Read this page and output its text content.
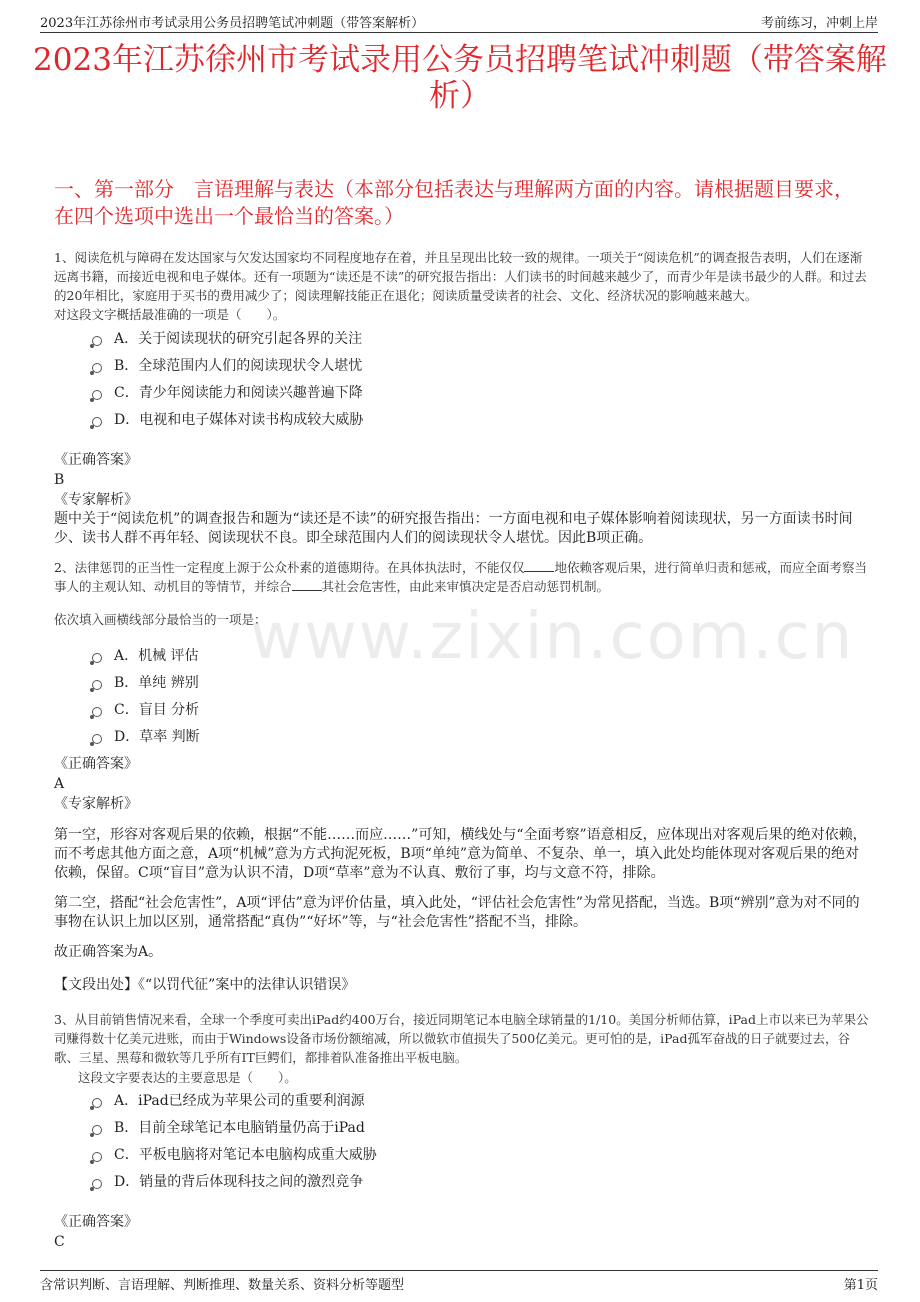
2023年江苏徐州市考试录用公务员招聘笔试冲刺题（带答案解析）	考前练习，冲刺上岸
2023年江苏徐州市考试录用公务员招聘笔试冲刺题（带答案解析）
一、第一部分　言语理解与表达（本部分包括表达与理解两方面的内容。请根据题目要求，在四个选项中选出一个最恰当的答案。）
www.zixin.com.cn
1、阅读危机与障碍在发达国家与欠发达国家均不同程度地存在着，并且呈现出比较一致的规律。一项关于“阅读危机”的调查报告表明，人们在逐渐远离书籍，而接近电视和电子媒体。还有一项题为“读还是不读”的研究报告指出：人们读书的时间越来越少了，而青少年是读书最少的人群。和过去的20年相比，家庭用于买书的费用减少了；阅读理解技能正在退化；阅读质量受读者的社会、文化、经济状况的影响越来越大。
对这段文字概括最准确的一项是（　　）。
A．关于阅读现状的研究引起各界的关注
B．全球范围内人们的阅读现状令人堪忧
C．青少年阅读能力和阅读兴趣普遍下降
D．电视和电子媒体对读书构成较大威胁
《正确答案》
B
《专家解析》
题中关于“阅读危机”的调查报告和题为“读还是不读”的研究报告指出：一方面电视和电子媒体影响着阅读现状，另一方面读书时间少、读书人群不再年轻、阅读现状不良。即全球范围内人们的阅读现状令人堪忧。因此B项正确。
2、法律惩罚的正当性一定程度上源于公众朴素的道德期待。在具体执法时，不能仅仅 地依赖客观后果，进行简单归责和惩戒，而应全面考察当事人的主观认知、动机目的等情节，并综合 其社会危害性，由此来审慎决定是否启动惩罚机制。
依次填入画横线部分最恰当的一项是：
A．机械 评估
B．单纯 辨别
C．盲目 分析
D．草率 判断
《正确答案》
A
《专家解析》
第一空，形容对客观后果的依赖，根据“不能……而应……”可知，横线处与“全面考察”语意相反，应体现出对客观后果的绝对依赖，而不考虑其他方面之意，A项“机械”意为方式拘泥死板，B项“单纯”意为简单、不复杂、单一，填入此处均能体现对客观后果的绝对依赖，保留。C项“盲目”意为认识不清，D项“草率”意为不认真、敷衍了事，均与文意不符，排除。
第二空，搭配“社会危害性”，A项“评估”意为评价估量，填入此处，“评估社会危害性”为常见搭配，当选。B项“辨别”意为对不同的事物在认识上加以区别，通常搭配“真伪”“好坏”等，与“社会危害性”搭配不当，排除。
故正确答案为A。
【文段出处】《“以罚代征”案中的法律认识错误》
3、从目前销售情况来看，全球一个季度可卖出iPad约400万台，接近同期笔记本电脑全球销量的1/10。美国分析师估算，iPad上市以来已为苹果公司赚得数十亿美元进账，而由于Windows设备市场份额缩减，所以微软市值损失了500亿美元。更可怕的是，iPad孤军奋战的日子就要过去，谷歌、三星、黑莓和微软等几乎所有IT巨鳄们，都排着队准备推出平板电脑。
这段文字要表达的主要意思是（　　）。
A．iPad已经成为苹果公司的重要利润源
B．目前全球笔记本电脑销量仍高于iPad
C．平板电脑将对笔记本电脑构成重大威胁
D．销量的背后体现科技之间的激烈竞争
《正确答案》
C
含常识判断、言语理解、判断推理、数量关系、资料分析等题型	第1页
